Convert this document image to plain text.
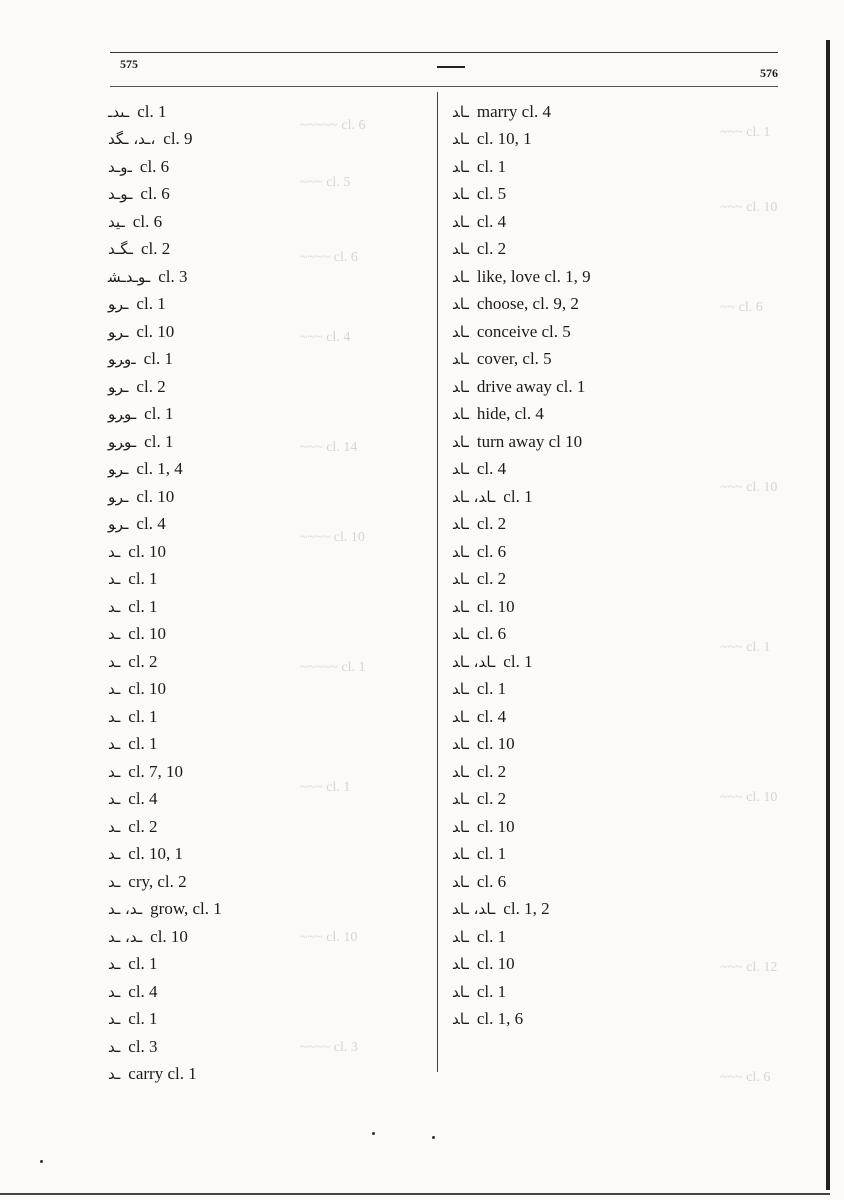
~~~~~ cl. 6
~~~ cl. 5
~~~~ cl. 6
~~~ cl. 4
~~~ cl. 14
~~~~ cl. 10
~~~~~ cl. 1
~~~ cl. 1
~~~ cl. 10
~~~~ cl. 3
~~~ cl. 1
~~~ cl. 10
~~ cl. 6
~~~ cl. 10
~~~ cl. 1
~~~ cl. 10
~~~ cl. 12
~~~ cl. 6
575
576
ـىدـ cl. 1
ـﺪ، ـﮕﺪ، cl. 9
ـﻭـﺪ cl. 6
ـﻮـﺪ cl. 6
ـﻴﺪ cl. 6
ـﮕـﺪ cl. 2
ـﻮـﺪـﺸ cl. 3
ـﺮﻮ cl. 1
ـﺮﻮ cl. 10
ـﻭﺮﻮ cl. 1
ـﺮﻮ cl. 2
ـﻮﺮﻮ cl. 1
ـﻮﺮﻮ cl. 1
ـﺮﻮ cl. 1, 4
ـﺮﻮ cl. 10
ـﺮﻮ cl. 4
ـﺪ cl. 10
ـﺪ cl. 1
ـﺪ cl. 1
ـﺪ cl. 10
ـﺪ cl. 2
ـﺪ cl. 10
ـﺪ cl. 1
ـﺪ cl. 1
ـﺪ cl. 7, 10
ـﺪ cl. 4
ـﺪ cl. 2
ـﺪ cl. 10, 1
ـﺪ cry, cl. 2
ـﺪ، ـﺪ grow, cl. 1
ـﺪ، ـﺪ cl. 10
ـﺪ cl. 1
ـﺪ cl. 4
ـﺪ cl. 1
ـﺪ cl. 3
ـﺪ carry cl. 1
ـﺎﺪ marry cl. 4
ـﺎﺪ cl. 10, 1
ـﺎﺪ cl. 1
ـﺎﺪ cl. 5
ـﺎﺪ cl. 4
ـﺎﺪ cl. 2
ـﺎﺪ like, love cl. 1, 9
ـﺎﺪ choose, cl. 9, 2
ـﺎﺪ conceive cl. 5
ـﺎﺪ cover, cl. 5
ـﺎﺪ drive away cl. 1
ـﺎﺪ hide, cl. 4
ـﺎﺪ turn away cl 10
ـﺎﺪ cl. 4
ـﺎﺪ، ـﺎﺪ cl. 1
ـﺎﺪ cl. 2
ـﺎﺪ cl. 6
ـﺎﺪ cl. 2
ـﺎﺪ cl. 10
ـﺎﺪ cl. 6
ـﺎﺪ، ـﺎﺪ cl. 1
ـﺎﺪ cl. 1
ـﺎﺪ cl. 4
ـﺎﺪ cl. 10
ـﺎﺪ cl. 2
ـﺎﺪ cl. 2
ـﺎﺪ cl. 10
ـﺎﺪ cl. 1
ـﺎﺪ cl. 6
ـﺎﺪ، ـﺎﺪ cl. 1, 2
ـﺎﺪ cl. 1
ـﺎﺪ cl. 10
ـﺎﺪ cl. 1
ـﺎﺪ cl. 1, 6
